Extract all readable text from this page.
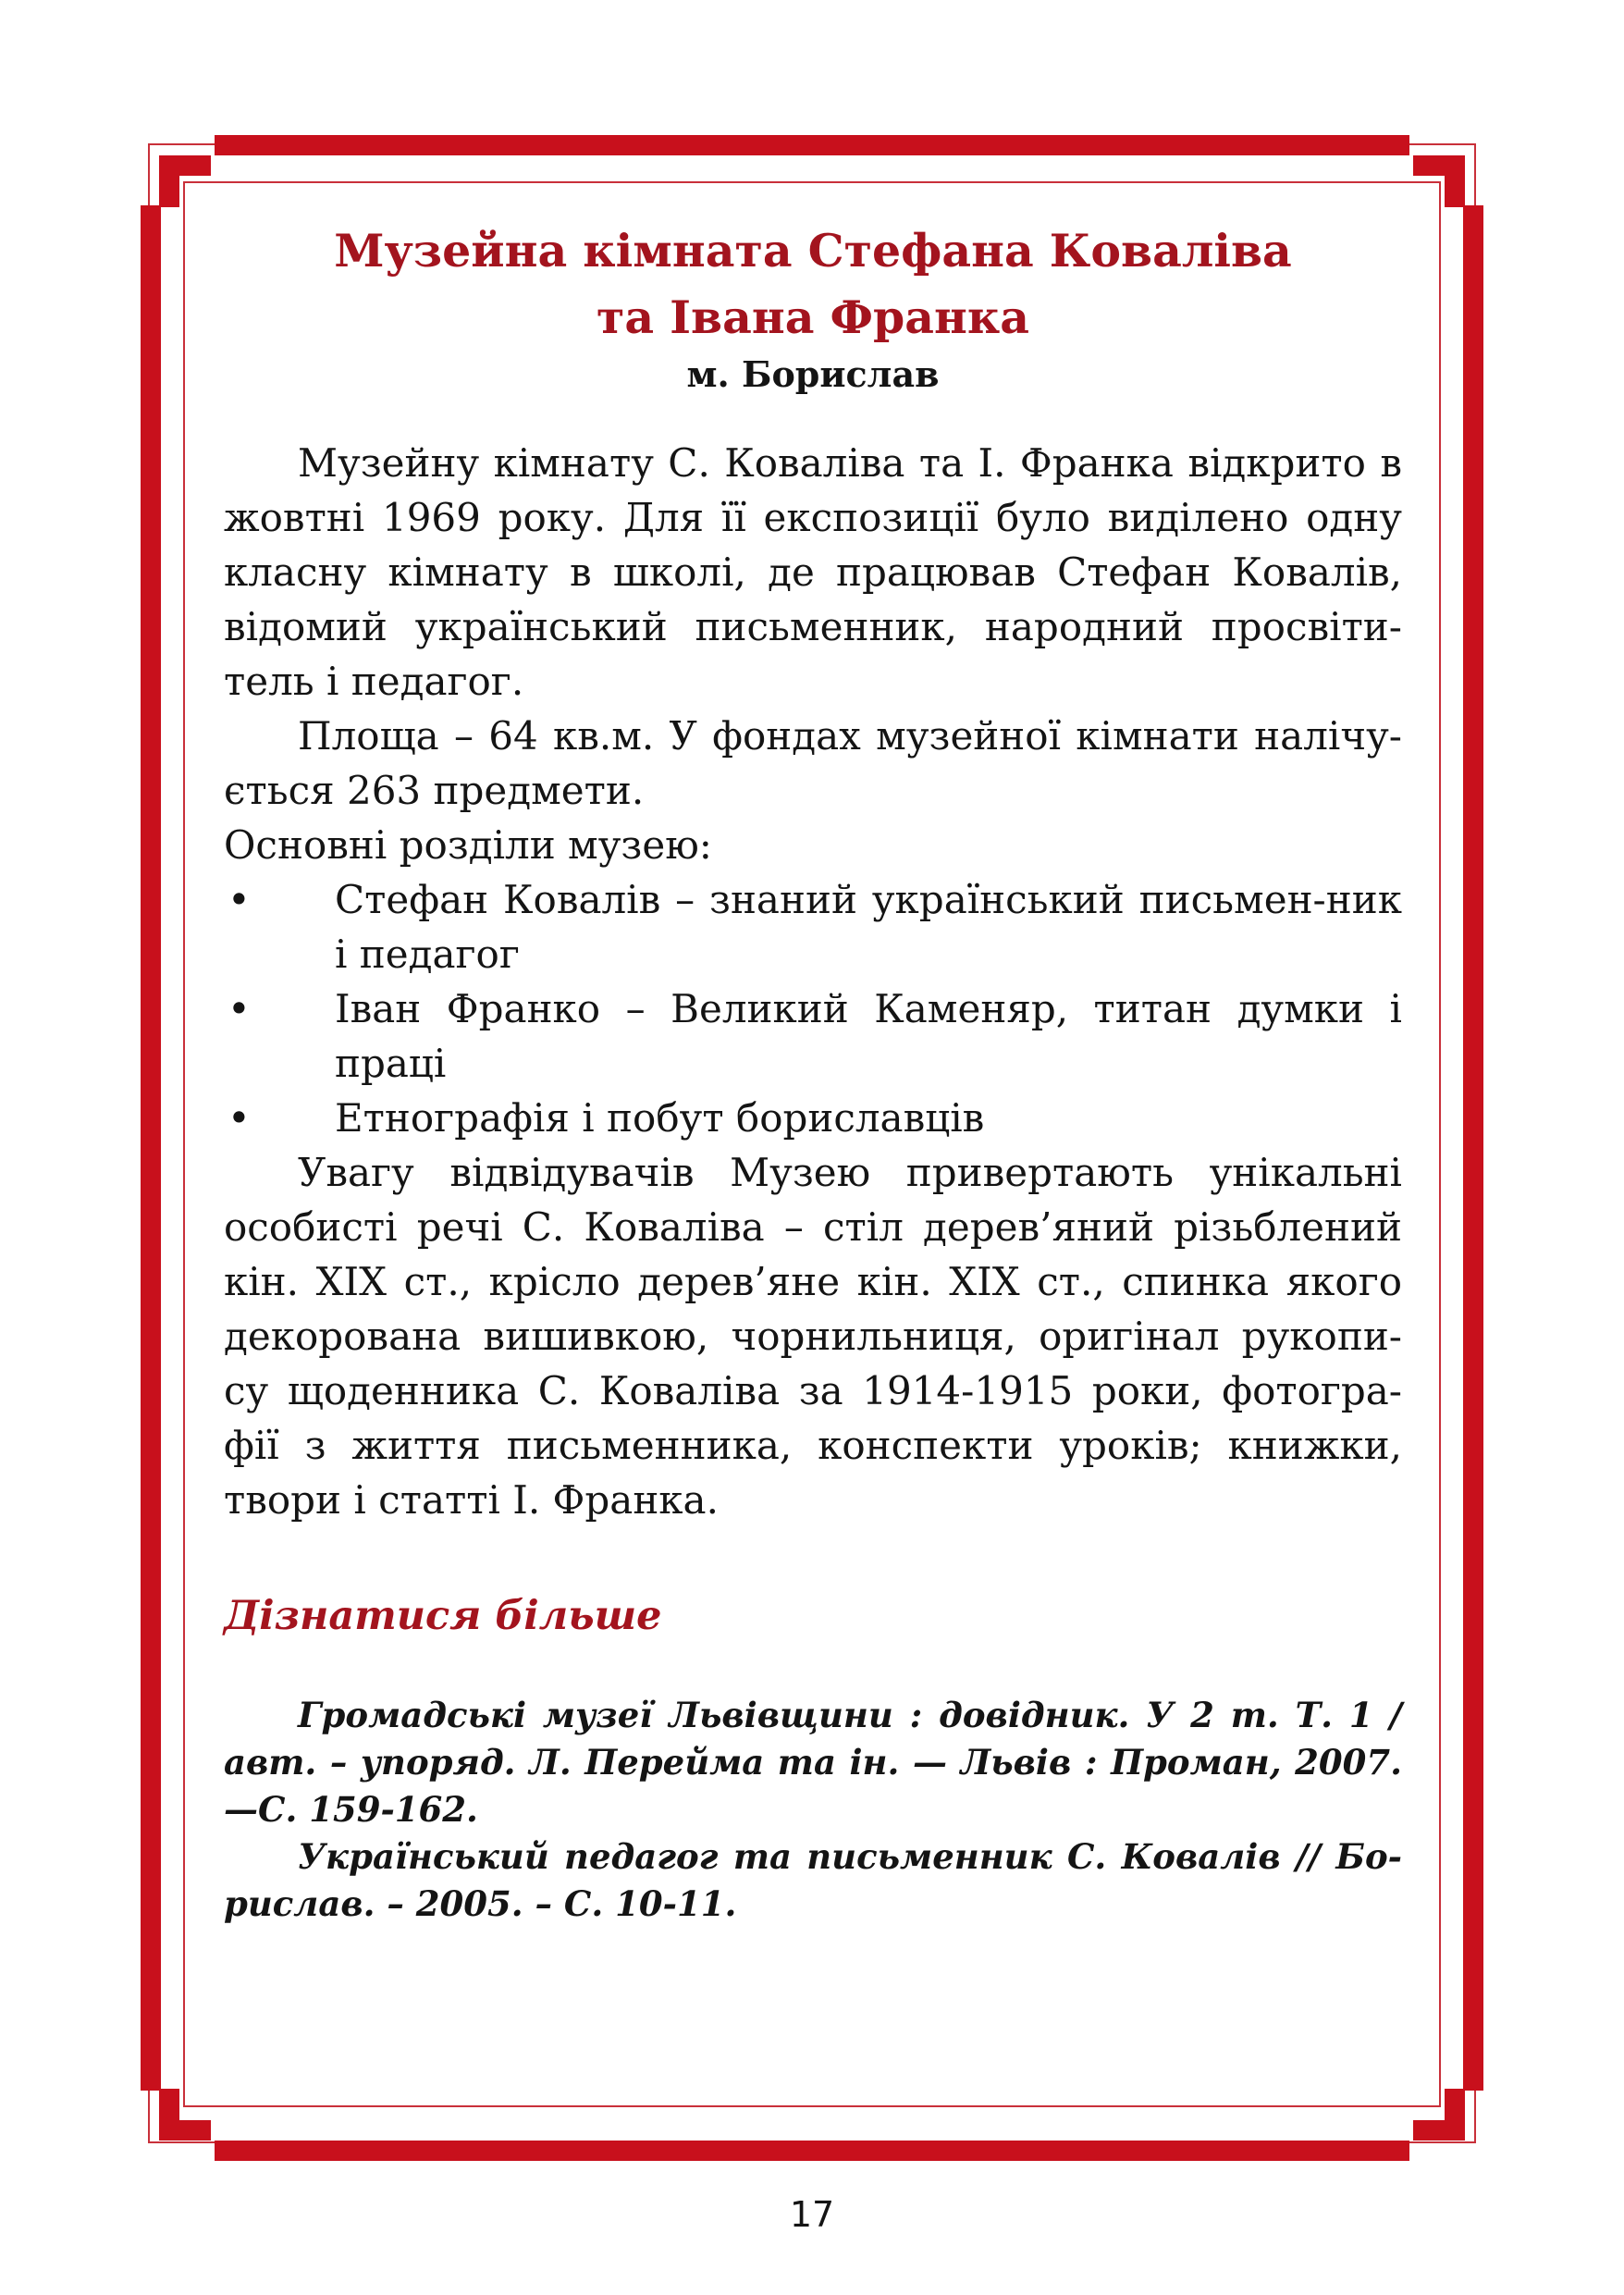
Музейна кімната Стефана Коваліва
та Івана Франка

м. Борислав

Музейну кімнату С. Коваліва та І. Франка відкрито в жовтні 1969 року. Для її експозиції було виділено одну класну кімнату в школі, де працював Стефан Ковалів, відомий український письменник, народний просвіти-тель і педагог.

Площа – 64 кв.м. У фондах музейної кімнати налічу-ється 263 предмети.

Основні розділи музею:

• Стефан Ковалів – знаний український письмен-ник і педагог
• Іван Франко – Великий Каменяр, титан думки і праці
• Етнографія і побут бориславців

Увагу відвідувачів Музею привертають унікальні особисті речі С. Коваліва – стіл дерев’яний різьблений кін. ХІХ ст., крісло дерев’яне кін. ХІХ ст., спинка якого декорована вишивкою, чорнильниця, оригінал рукопи-су щоденника С. Коваліва за 1914-1915 роки, фотогра-фії з життя письменника, конспекти уроків; книжки, твори і статті І. Франка.

Дізнатися більше

Громадські музеї Львівщини : довідник. У 2 т. Т. 1 / авт. – упоряд. Л. Перейма та ін. — Львів : Проман, 2007. —С. 159-162.

Український педагог та письменник С. Ковалів // Бо-рислав. – 2005. – С. 10-11.

17
